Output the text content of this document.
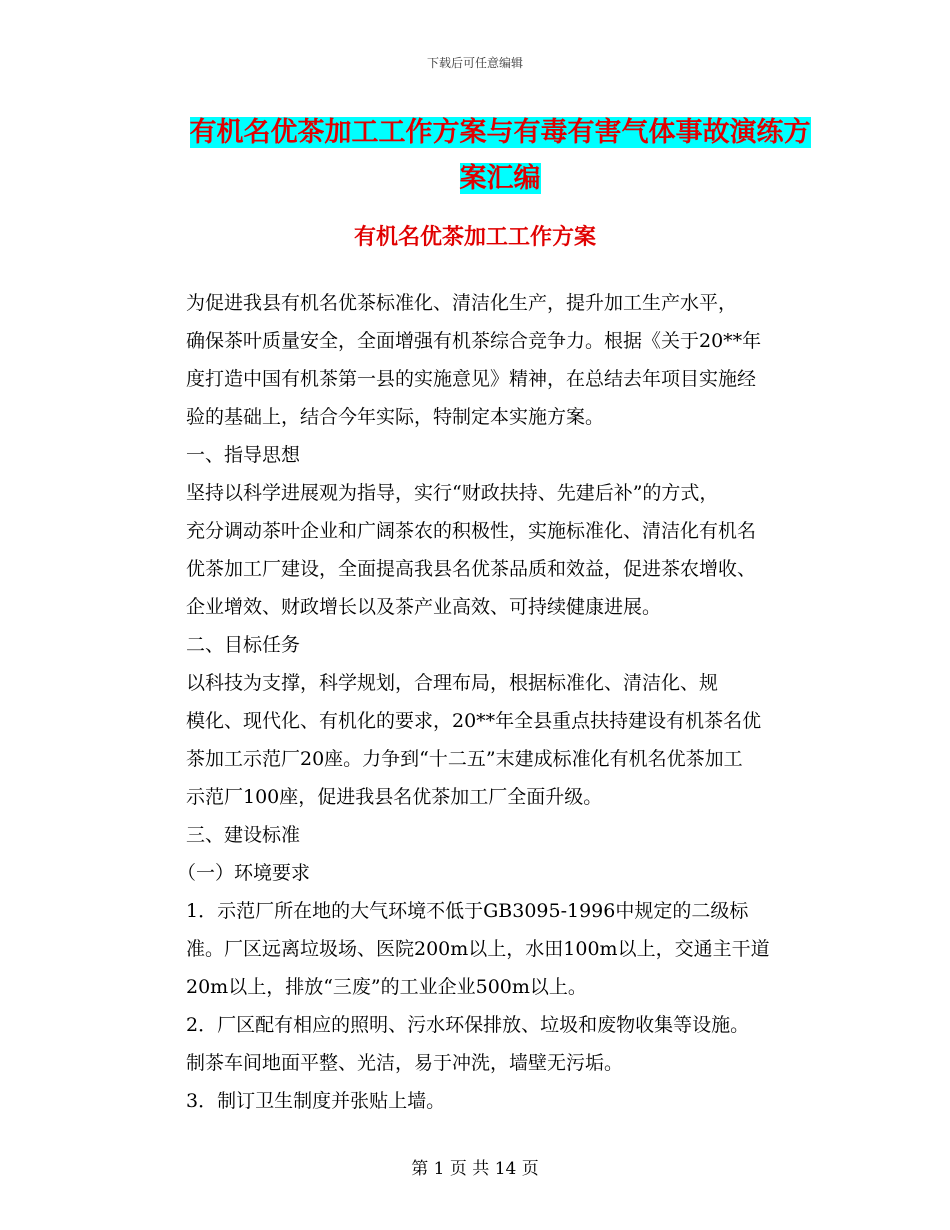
下载后可任意编辑
有机名优茶加工工作方案与有毒有害气体事故演练方
案汇编
有机名优茶加工工作方案

为促进我县有机名优茶标准化、清洁化生产，提升加工生产水平，
确保茶叶质量安全，全面增强有机茶综合竞争力。根据《关于20**年
度打造中国有机茶第一县的实施意见》精神，在总结去年项目实施经
验的基础上，结合今年实际，特制定本实施方案。

一、指导思想

坚持以科学进展观为指导，实行“财政扶持、先建后补”的方式，
充分调动茶叶企业和广阔茶农的积极性，实施标准化、清洁化有机名
优茶加工厂建设，全面提高我县名优茶品质和效益，促进茶农增收、
企业增效、财政增长以及茶产业高效、可持续健康进展。

二、目标任务

以科技为支撑，科学规划，合理布局，根据标准化、清洁化、规
模化、现代化、有机化的要求，20**年全县重点扶持建设有机茶名优
茶加工示范厂20座。力争到“十二五”末建成标准化有机名优茶加工
示范厂100座，促进我县名优茶加工厂全面升级。

三、建设标准

（一）环境要求

1．示范厂所在地的大气环境不低于GB3095-1996中规定的二级标
准。厂区远离垃圾场、医院200m以上，水田100m以上，交通主干道
20m以上，排放“三废”的工业企业500m以上。

2．厂区配有相应的照明、污水环保排放、垃圾和废物收集等设施。
制茶车间地面平整、光洁，易于冲洗，墙壁无污垢。

3．制订卫生制度并张贴上墙。

第 1 页 共 14 页
